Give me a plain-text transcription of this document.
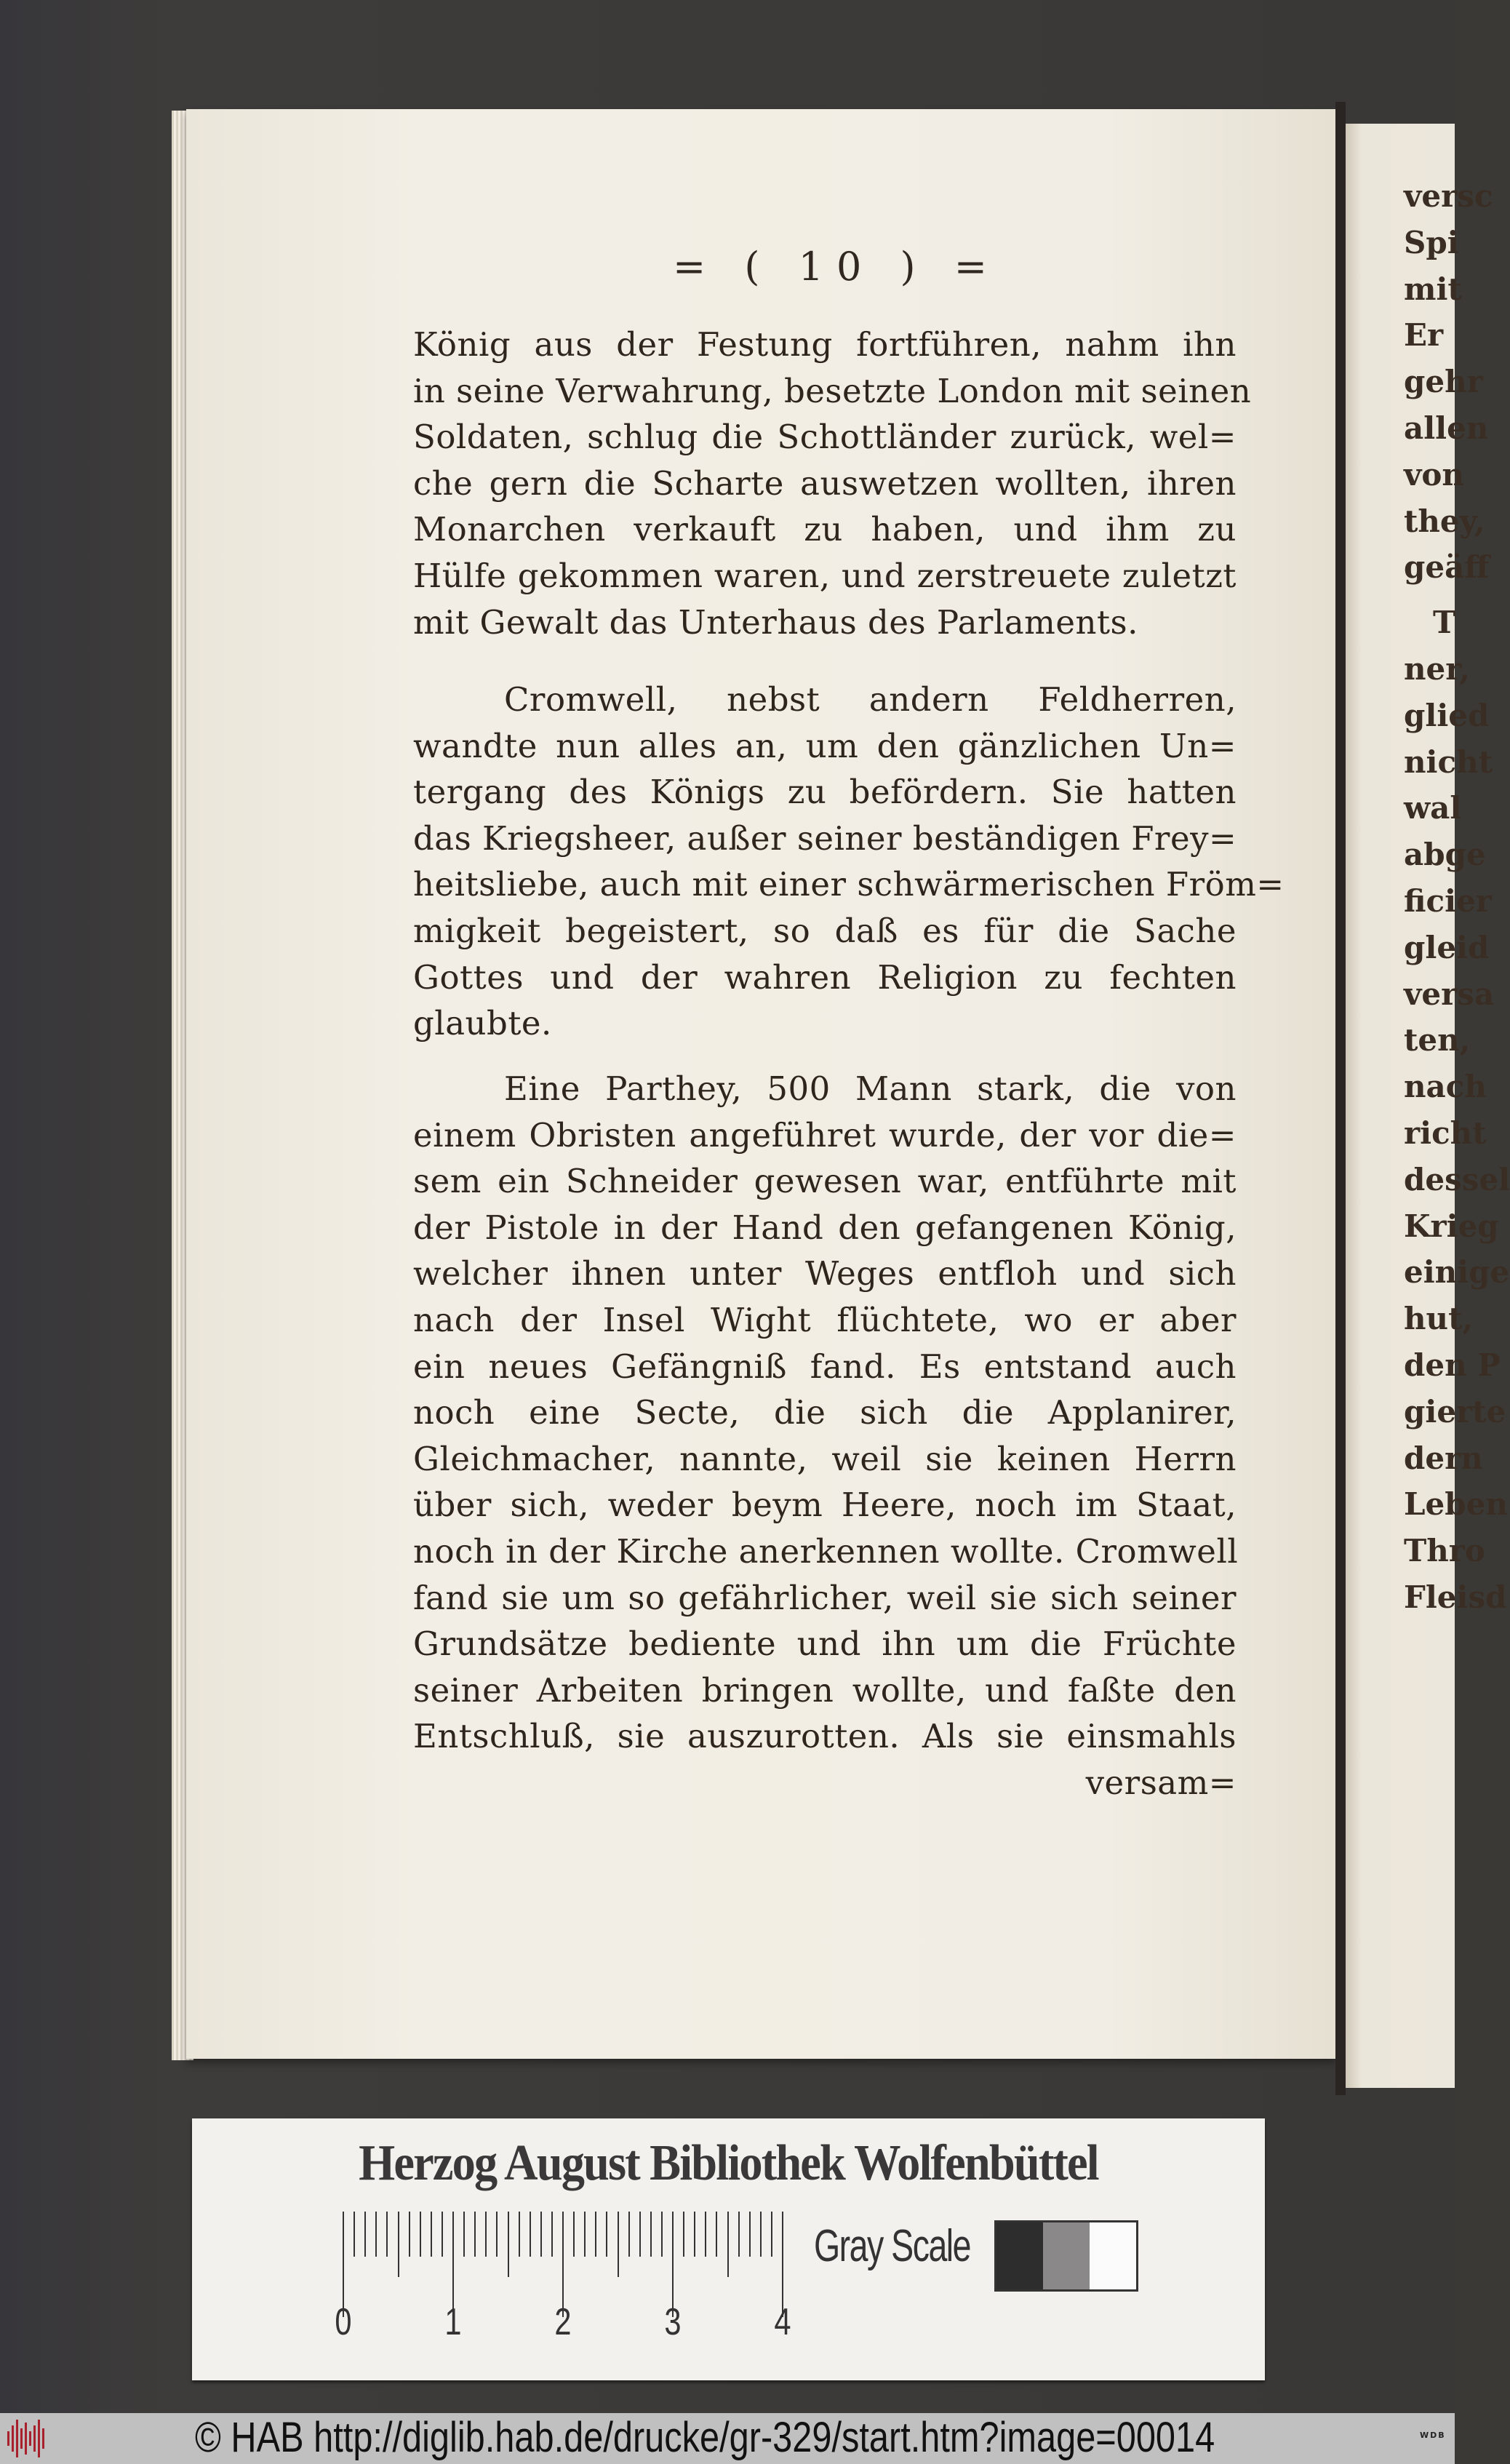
versc
Spi
mit
Er
gehr
allen
von
they,
geäff
T
ner,
glied
nicht
wal
abge
ficier
gleid
versa
ten,
nach
richt
dessel
Krieg
einige
hut,
den P
gierte
dern
Leben
Thro
Fleisd
= ( 10 ) =
König aus der Festung fortführen, nahm ihn
in seine Verwahrung, besetzte London mit seinen
Soldaten, schlug die Schottländer zurück, wel=
che gern die Scharte auswetzen wollten, ihren
Monarchen verkauft zu haben, und ihm zu
Hülfe gekommen waren, und zerstreuete zuletzt
mit Gewalt das Unterhaus des Parlaments.
Cromwell, nebst andern Feldherren,
wandte nun alles an, um den gänzlichen Un=
tergang des Königs zu befördern. Sie hatten
das Kriegsheer, außer seiner beständigen Frey=
heitsliebe, auch mit einer schwärmerischen Fröm=
migkeit begeistert, so daß es für die Sache
Gottes und der wahren Religion zu fechten
glaubte.
Eine Parthey, 500 Mann stark, die von
einem Obristen angeführet wurde, der vor die=
sem ein Schneider gewesen war, entführte mit
der Pistole in der Hand den gefangenen König,
welcher ihnen unter Weges entfloh und sich
nach der Insel Wight flüchtete, wo er aber
ein neues Gefängniß fand. Es entstand auch
noch eine Secte, die sich die Applanirer,
Gleichmacher, nannte, weil sie keinen Herrn
über sich, weder beym Heere, noch im Staat,
noch in der Kirche anerkennen wollte. Cromwell
fand sie um so gefährlicher, weil sie sich seiner
Grundsätze bediente und ihn um die Früchte
seiner Arbeiten bringen wollte, und faßte den
Entschluß, sie auszurotten. Als sie einsmahls
versam=
Herzog August Bibliothek Wolfenbüttel
0 1 2 3 4
Gray Scale
© HAB http://diglib.hab.de/drucke/gr-329/start.htm?image=00014	WDB
